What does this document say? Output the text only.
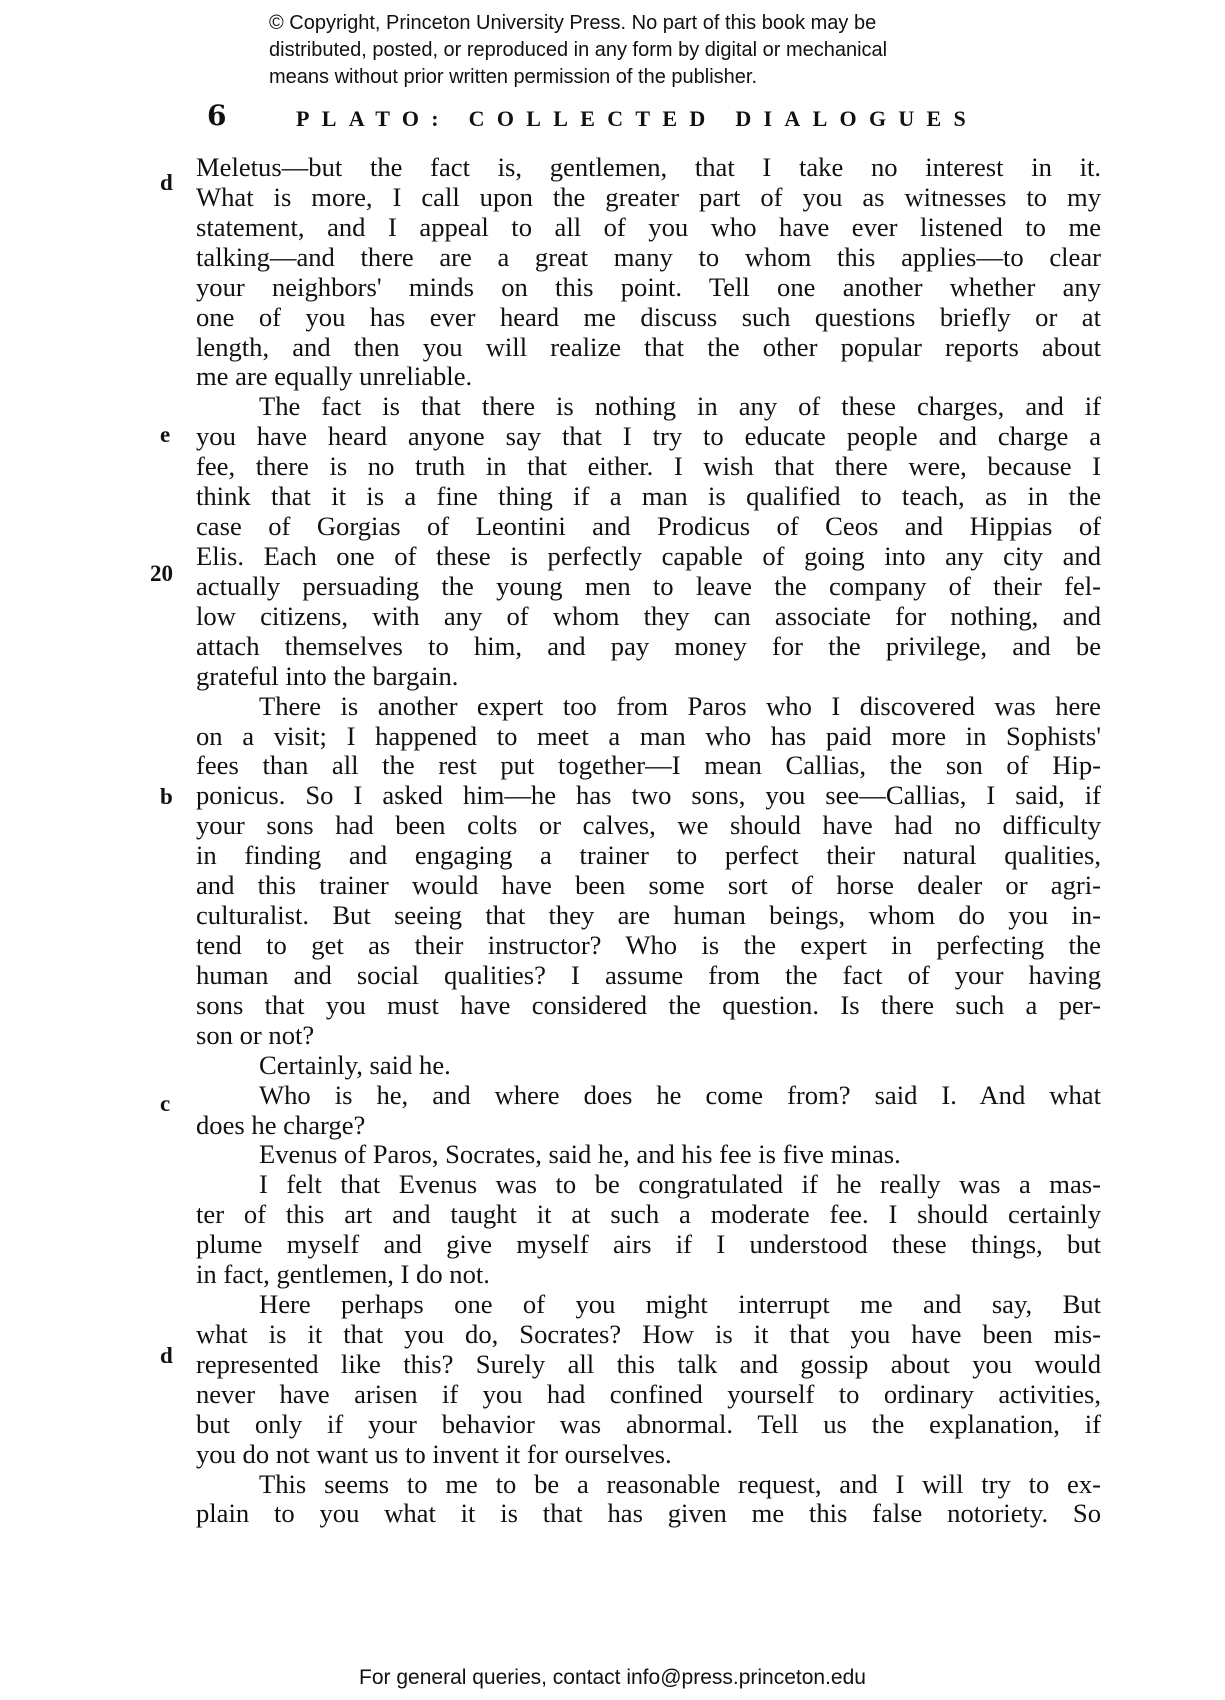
© Copyright, Princeton University Press. No part of this book may be
distributed, posted, or reproduced in any form by digital or mechanical
means without prior written permission of the publisher.
6	PLATO: COLLECTED DIALOGUES
d
e
20
b
c
d
Meletus—but the fact is, gentlemen, that I take no interest in it.
What is more, I call upon the greater part of you as witnesses to my
statement, and I appeal to all of you who have ever listened to me
talking—and there are a great many to whom this applies—to clear
your neighbors' minds on this point. Tell one another whether any
one of you has ever heard me discuss such questions briefly or at
length, and then you will realize that the other popular reports about
me are equally unreliable.
The fact is that there is nothing in any of these charges, and if
you have heard anyone say that I try to educate people and charge a
fee, there is no truth in that either. I wish that there were, because I
think that it is a fine thing if a man is qualified to teach, as in the
case of Gorgias of Leontini and Prodicus of Ceos and Hippias of
Elis. Each one of these is perfectly capable of going into any city and
actually persuading the young men to leave the company of their fel-
low citizens, with any of whom they can associate for nothing, and
attach themselves to him, and pay money for the privilege, and be
grateful into the bargain.
There is another expert too from Paros who I discovered was here
on a visit; I happened to meet a man who has paid more in Sophists'
fees than all the rest put together—I mean Callias, the son of Hip-
ponicus. So I asked him—he has two sons, you see—Callias, I said, if
your sons had been colts or calves, we should have had no difficulty
in finding and engaging a trainer to perfect their natural qualities,
and this trainer would have been some sort of horse dealer or agri-
culturalist. But seeing that they are human beings, whom do you in-
tend to get as their instructor? Who is the expert in perfecting the
human and social qualities? I assume from the fact of your having
sons that you must have considered the question. Is there such a per-
son or not?
Certainly, said he.
Who is he, and where does he come from? said I. And what
does he charge?
Evenus of Paros, Socrates, said he, and his fee is five minas.
I felt that Evenus was to be congratulated if he really was a mas-
ter of this art and taught it at such a moderate fee. I should certainly
plume myself and give myself airs if I understood these things, but
in fact, gentlemen, I do not.
Here perhaps one of you might interrupt me and say, But
what is it that you do, Socrates? How is it that you have been mis-
represented like this? Surely all this talk and gossip about you would
never have arisen if you had confined yourself to ordinary activities,
but only if your behavior was abnormal. Tell us the explanation, if
you do not want us to invent it for ourselves.
This seems to me to be a reasonable request, and I will try to ex-
plain to you what it is that has given me this false notoriety. So
For general queries, contact info@press.princeton.edu
